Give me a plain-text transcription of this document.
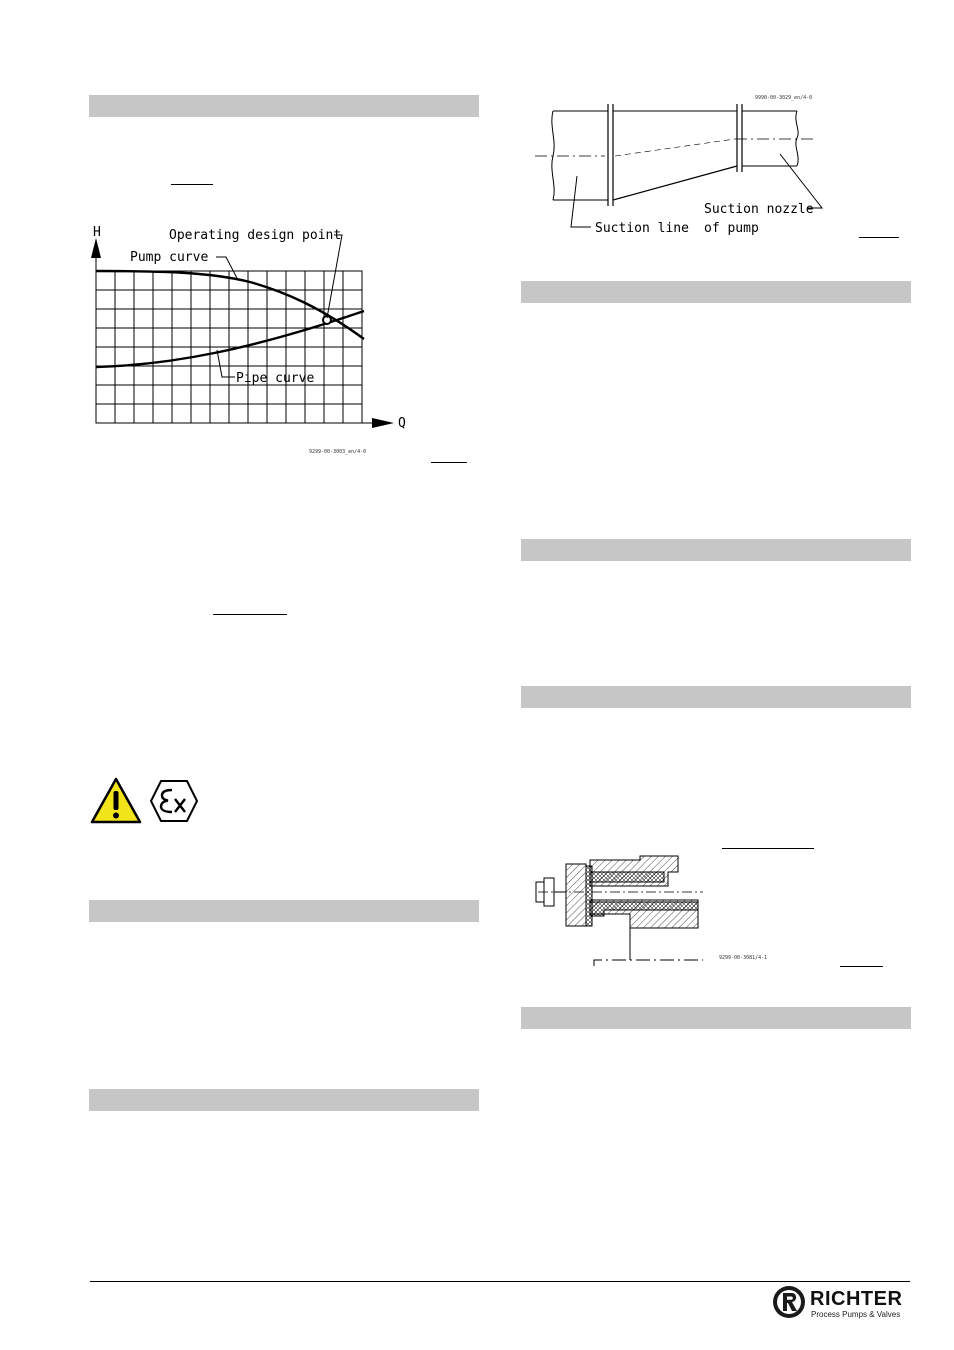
H
Q
Operating design point
Pump curve
Pipe curve
9299-00-3003_en/4-0
Suction line
Suction nozzle
of pump
9990-00-3029_en/4-0
9299-00-3081/4-1
RICHTER
Process Pumps & Valves
